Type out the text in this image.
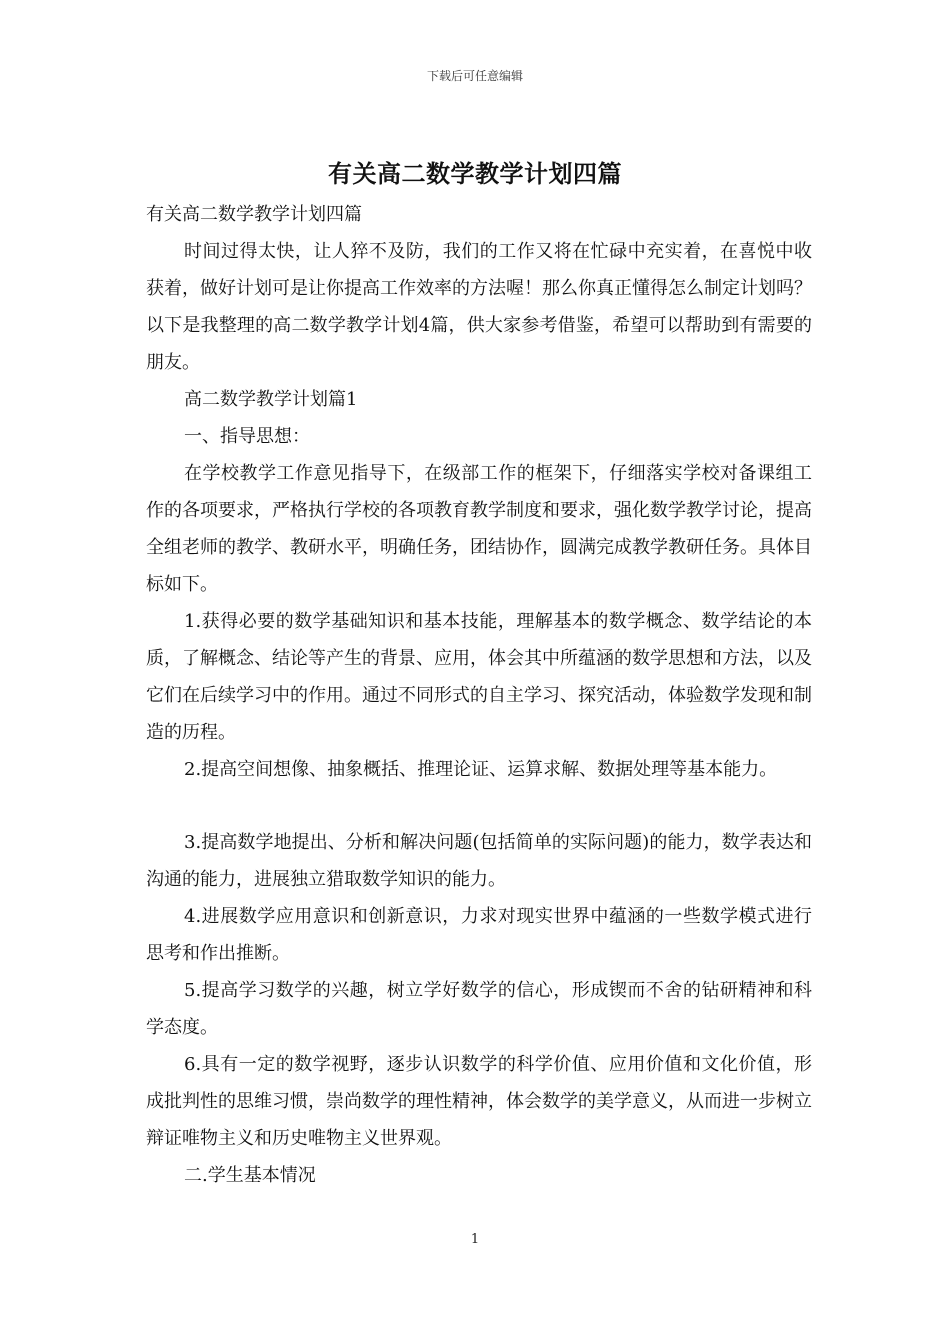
下载后可任意编辑
有关高二数学教学计划四篇

有关高二数学教学计划四篇

时间过得太快，让人猝不及防，我们的工作又将在忙碌中充实着，在喜悦中收获着，做好计划可是让你提高工作效率的方法喔！那么你真正懂得怎么制定计划吗？以下是我整理的高二数学教学计划4篇，供大家参考借鉴，希望可以帮助到有需要的朋友。

高二数学教学计划篇1

一、指导思想：

在学校教学工作意见指导下，在级部工作的框架下，仔细落实学校对备课组工作的各项要求，严格执行学校的各项教育教学制度和要求，强化数学教学讨论，提高全组老师的教学、教研水平，明确任务，团结协作，圆满完成教学教研任务。具体目标如下。

1.获得必要的数学基础知识和基本技能，理解基本的数学概念、数学结论的本质，了解概念、结论等产生的背景、应用，体会其中所蕴涵的数学思想和方法，以及它们在后续学习中的作用。通过不同形式的自主学习、探究活动，体验数学发现和制造的历程。

2.提高空间想像、抽象概括、推理论证、运算求解、数据处理等基本能力。

3.提高数学地提出、分析和解决问题(包括简单的实际问题)的能力，数学表达和沟通的能力，进展独立猎取数学知识的能力。

4.进展数学应用意识和创新意识，力求对现实世界中蕴涵的一些数学模式进行思考和作出推断。

5.提高学习数学的兴趣，树立学好数学的信心，形成锲而不舍的钻研精神和科学态度。

6.具有一定的数学视野，逐步认识数学的科学价值、应用价值和文化价值，形成批判性的思维习惯，崇尚数学的理性精神，体会数学的美学意义，从而进一步树立辩证唯物主义和历史唯物主义世界观。

二.学生基本情况

1
